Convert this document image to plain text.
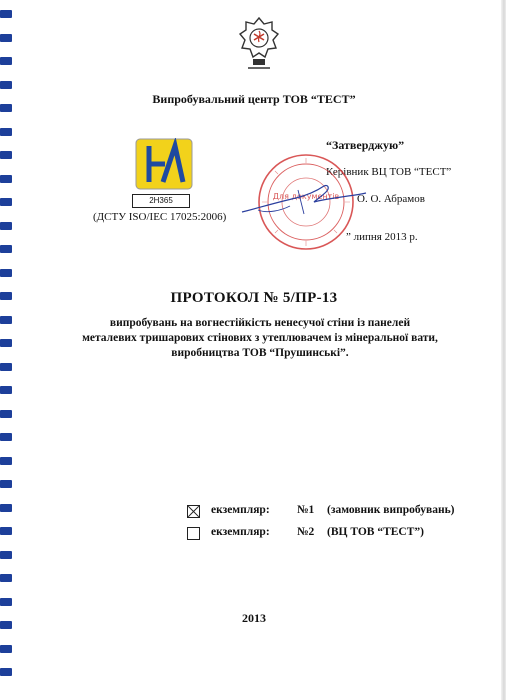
Випробувальний центр ТОВ “ТЕСТ”
2Н365
(ДСТУ ISO/IEC 17025:2006)
“Затверджую”
Керівник ВЦ ТОВ “ТЕСТ”
О. О. Абрамов
” липня 2013 р.
Для документів
ПРОТОКОЛ № 5/ПР-13
випробувань на вогнестійкість ненесучої стіни із панелей
металевих тришарових стінових з утеплювачем із мінеральної вати,
виробництва ТОВ “Прушинські”.
екземпляр: №1 (замовник випробувань)
екземпляр: №2 (ВЦ ТОВ “ТЕСТ”)
2013
